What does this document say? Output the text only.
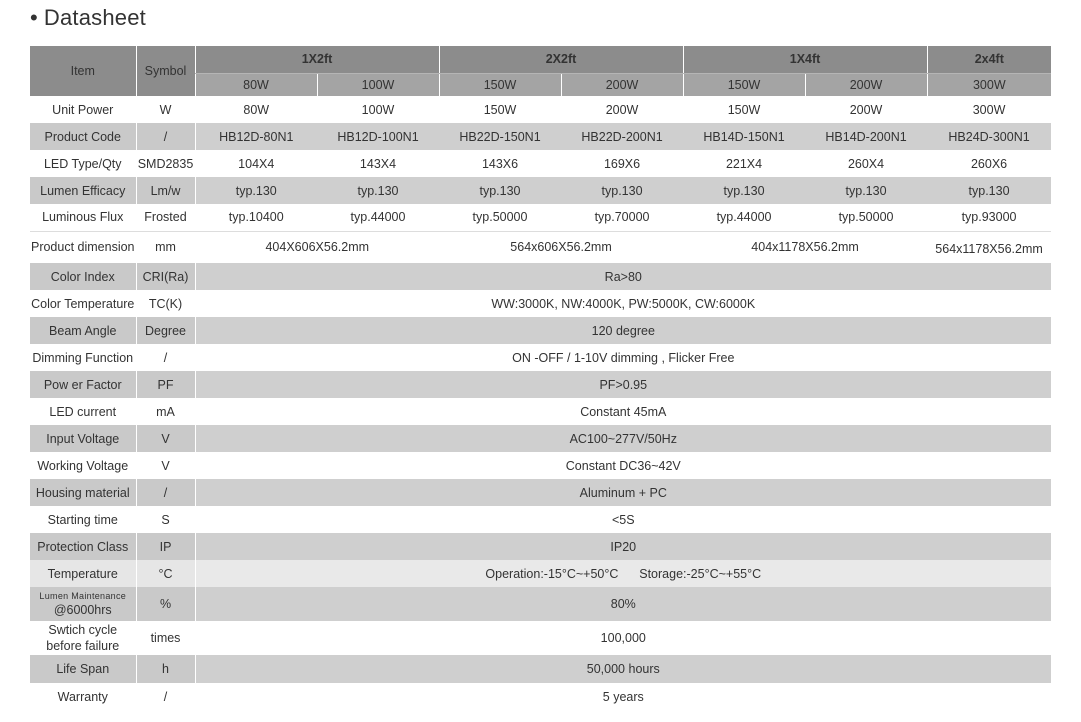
• Datasheet
Item	Symbol	1X2ft		2X2ft		1X4ft		2x4ft
		80W	100W	150W	200W	150W	200W	300W
Unit Power	W	80W	100W	150W	200W	150W	200W	300W
Product Code	/	HB12D-80N1	HB12D-100N1	HB22D-150N1	HB22D-200N1	HB14D-150N1	HB14D-200N1	HB24D-300N1
LED Type/Qty	SMD2835	104X4	143X4	143X6	169X6	221X4	260X4	260X6
Lumen Efficacy	Lm/w	typ.130	typ.130	typ.130	typ.130	typ.130	typ.130	typ.130
Luminous Flux	Frosted	typ.10400	typ.44000	typ.50000	typ.70000	typ.44000	typ.50000	typ.93000
Product dimension	mm	404X606X56.2mm		564x606X56.2mm		404x1178X56.2mm		564x1178X56.2mm
Color Index	CRI(Ra)	Ra>80						
Color Temperature	TC(K)	WW:3000K, NW:4000K, PW:5000K, CW:6000K						
Beam Angle	Degree	120 degree						
Dimming Function	/	ON -OFF / 1-10V dimming , Flicker Free						
Pow er Factor	PF	PF>0.95						
LED current	mA	Constant 45mA						
Input Voltage	V	AC100~277V/50Hz						
Working Voltage	V	Constant DC36~42V						
Housing material	/	Aluminum + PC						
Starting time	S	<5S						
Protection Class	IP	IP20						
Temperature	°C	Operation:-15°C~+50°C      Storage:-25°C~+55°C						

Lumen Maintenance
@6000hrs	%	80%						

Swtich cycle
before failure	times	100,000						
Life Span	h	50,000 hours						
Warranty	/	5 years						
